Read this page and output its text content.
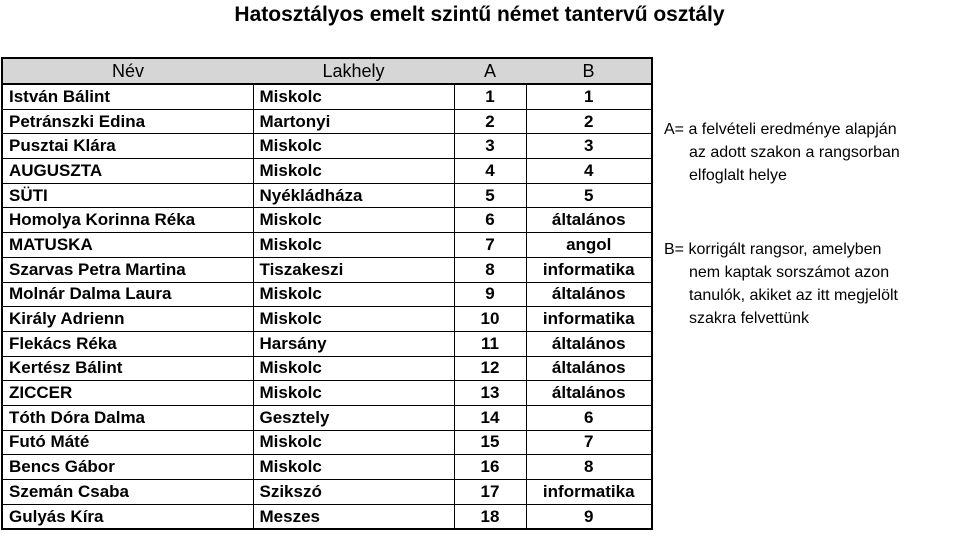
Hatosztályos emelt szintű német tantervű osztály
Név	Lakhely	A	B
István Bálint	Miskolc	1	1
Petránszki Edina	Martonyi	2	2
Pusztai Klára	Miskolc	3	3
AUGUSZTA	Miskolc	4	4
SÜTI	Nyékládháza	5	5
Homolya Korinna Réka	Miskolc	6	általános
MATUSKA	Miskolc	7	angol
Szarvas Petra Martina	Tiszakeszi	8	informatika
Molnár Dalma Laura	Miskolc	9	általános
Király Adrienn	Miskolc	10	informatika
Flekács Réka	Harsány	11	általános
Kertész Bálint	Miskolc	12	általános
ZICCER	Miskolc	13	általános
Tóth Dóra Dalma	Gesztely	14	6
Futó Máté	Miskolc	15	7
Bencs Gábor	Miskolc	16	8
Szemán Csaba	Szikszó	17	informatika
Gulyás Kíra	Meszes	18	9
A= a felvételi eredménye alapján
az adott szakon a rangsorban
elfoglalt helye
B= korrigált rangsor, amelyben
nem kaptak sorszámot azon
tanulók, akiket az itt megjelölt
szakra felvettünk
